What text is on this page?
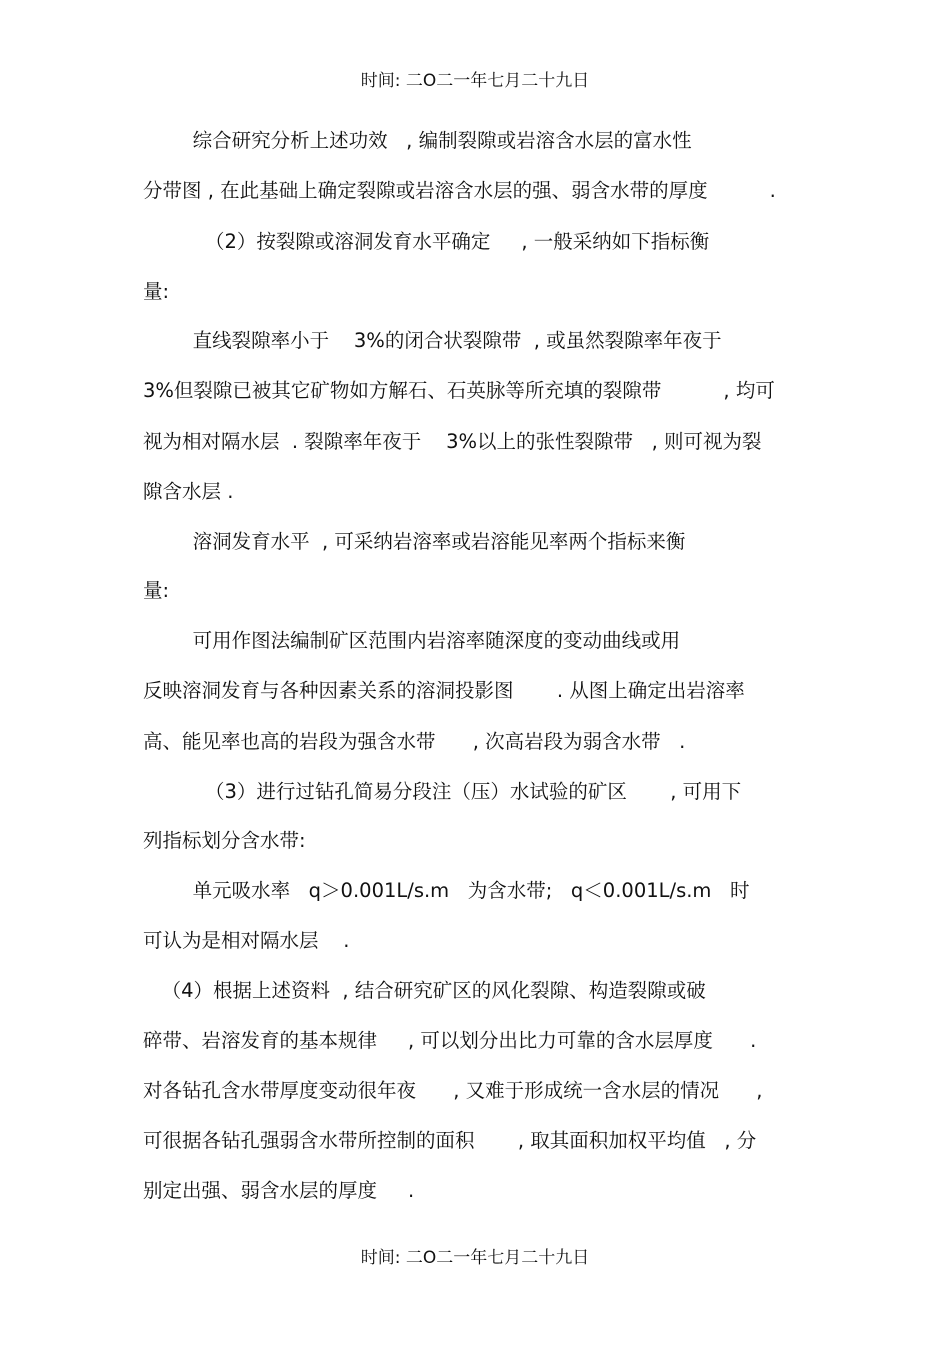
时间: 二O二一年七月二十九日
综合研究分析上述功效   , 编制裂隙或岩溶含水层的富水性
分带图 , 在此基础上确定裂隙或岩溶含水层的强、弱含水带的厚度          .
（2）按裂隙或溶洞发育水平确定     , 一般采纳如下指标衡
量:
直线裂隙率小于    3%的闭合状裂隙带  , 或虽然裂隙率年夜于
3%但裂隙已被其它矿物如方解石、石英脉等所充填的裂隙带          , 均可
视为相对隔水层  . 裂隙率年夜于    3%以上的张性裂隙带   , 则可视为裂
隙含水层 .
溶洞发育水平  , 可采纳岩溶率或岩溶能见率两个指标来衡
量:
可用作图法编制矿区范围内岩溶率随深度的变动曲线或用
反映溶洞发育与各种因素关系的溶洞投影图       . 从图上确定出岩溶率
高、能见率也高的岩段为强含水带      , 次高岩段为弱含水带   .
（3）进行过钻孔简易分段注（压）水试验的矿区       , 可用下
列指标划分含水带:
单元吸水率   q＞0.001L/s.m   为含水带;   q＜0.001L/s.m   时
可认为是相对隔水层    .
（4）根据上述资料  , 结合研究矿区的风化裂隙、构造裂隙或破
碎带、岩溶发育的基本规律     , 可以划分出比力可靠的含水层厚度      .
对各钻孔含水带厚度变动很年夜      , 又难于形成统一含水层的情况      ,
可很据各钻孔强弱含水带所控制的面积       , 取其面积加权平均值   , 分
别定出强、弱含水层的厚度     .
时间: 二O二一年七月二十九日
